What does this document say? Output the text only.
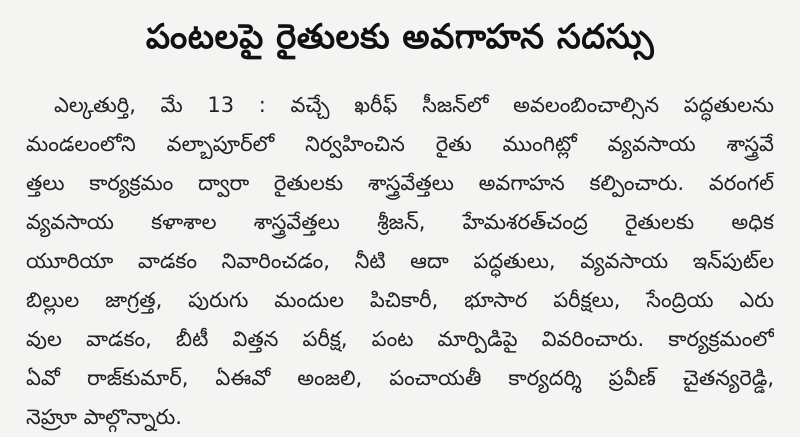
పంటలపై రైతులకు అవగాహన సదస్సు
ఎల్కతుర్తి, మే 13 : వచ్చే ఖరీఫ్ సీజన్‌లో అవలంబించాల్సిన పద్ధతులను
మండలంలోని వల్బాపూర్‌లో నిర్వహించిన రైతు ముంగిట్లో వ్యవసాయ శాస్త్రవే
త్తలు కార్యక్రమం ద్వారా రైతులకు శాస్త్రవేత్తలు అవగాహన కల్పించారు. వరంగల్
వ్యవసాయ కళాశాల శాస్త్రవేత్తలు శ్రీజన్, హేమశరత్‌చంద్ర రైతులకు అధిక
యూరియా వాడకం నివారించడం, నీటి ఆదా పద్ధతులు, వ్యవసాయ ఇన్‌పుట్‌ల
బిల్లుల జాగ్రత్త, పురుగు మందుల పిచికారీ, భూసార పరీక్షలు, సేంద్రియ ఎరు
వుల వాడకం, బీటీ విత్తన పరీక్ష, పంట మార్పిడిపై వివరించారు. కార్యక్రమంలో
ఏవో రాజ్‌కుమార్, ఏఈవో అంజలి, పంచాయతీ కార్యదర్శి ప్రవీణ్ చైతన్యరెడ్డి,
నెహ్రూ పాల్గొన్నారు.
